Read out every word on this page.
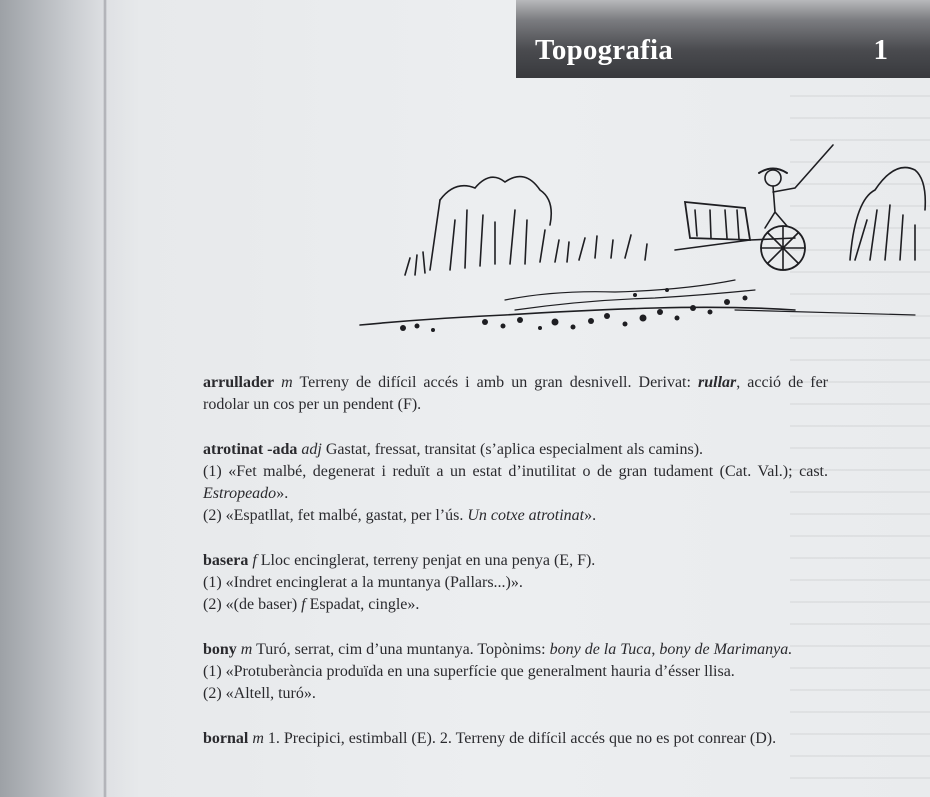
Topografia	1

arrullader m Terreny de difícil accés i amb un gran desnivell. Derivat: rullar, acció de fer rodolar un cos per un pendent (F).

atrotinat -ada adj Gastat, fressat, transitat (s’aplica especialment als camins).

(1) «Fet malbé, degenerat i reduït a un estat d’inutilitat o de gran tudament (Cat. Val.); cast. Estropeado».

(2) «Espatllat, fet malbé, gastat, per l’ús. Un cotxe atrotinat».

basera f Lloc encinglerat, terreny penjat en una penya (E, F).

(1) «Indret encinglerat a la muntanya (Pallars...)».

(2) «(de baser) f Espadat, cingle».

bony m Turó, serrat, cim d’una muntanya. Topònims: bony de la Tuca, bony de Marimanya.

(1) «Protuberància produïda en una superfície que generalment hauria d’ésser llisa.

(2) «Altell, turó».

bornal m 1. Precipici, estimball (E). 2. Terreny de difícil accés que no es pot conrear (D).
